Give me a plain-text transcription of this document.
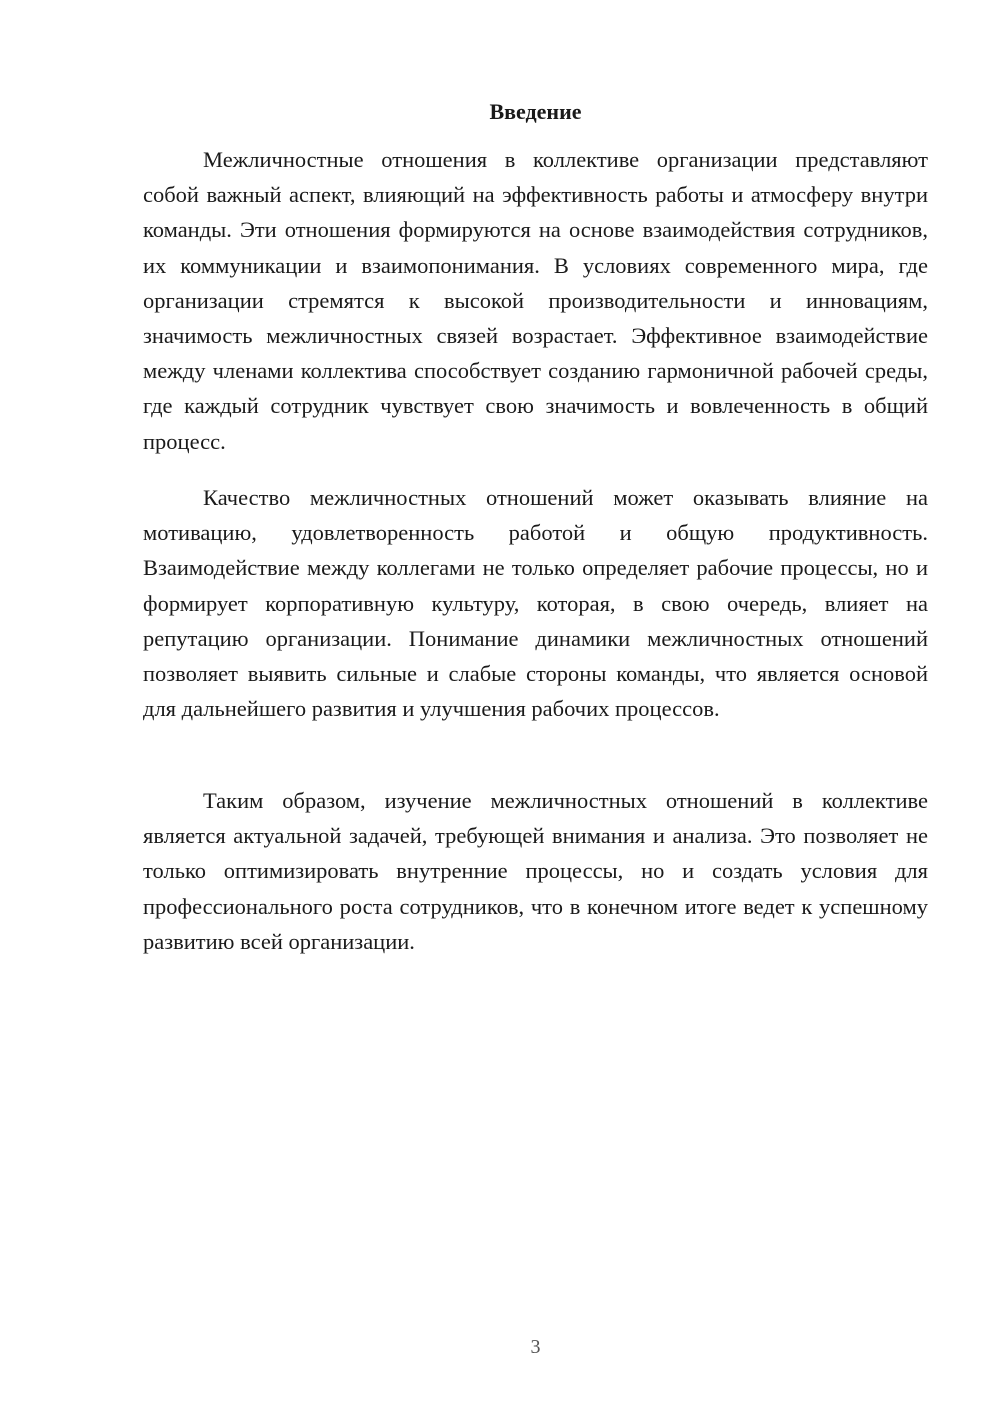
Введение

Межличностные отношения в коллективе организации представляют собой важный аспект, влияющий на эффективность работы и атмосферу внутри команды. Эти отношения формируются на основе взаимодействия сотрудников, их коммуникации и взаимопонимания. В условиях современного мира, где организации стремятся к высокой производительности и инновациям, значимость межличностных связей возрастает. Эффективное взаимодействие между членами коллектива способствует созданию гармоничной рабочей среды, где каждый сотрудник чувствует свою значимость и вовлеченность в общий процесс.

Качество межличностных отношений может оказывать влияние на мотивацию, удовлетворенность работой и общую продуктивность. Взаимодействие между коллегами не только определяет рабочие процессы, но и формирует корпоративную культуру, которая, в свою очередь, влияет на репутацию организации. Понимание динамики межличностных отношений позволяет выявить сильные и слабые стороны команды, что является основой для дальнейшего развития и улучшения рабочих процессов.

Таким образом, изучение межличностных отношений в коллективе является актуальной задачей, требующей внимания и анализа. Это позволяет не только оптимизировать внутренние процессы, но и создать условия для профессионального роста сотрудников, что в конечном итоге ведет к успешному развитию всей организации.

3
